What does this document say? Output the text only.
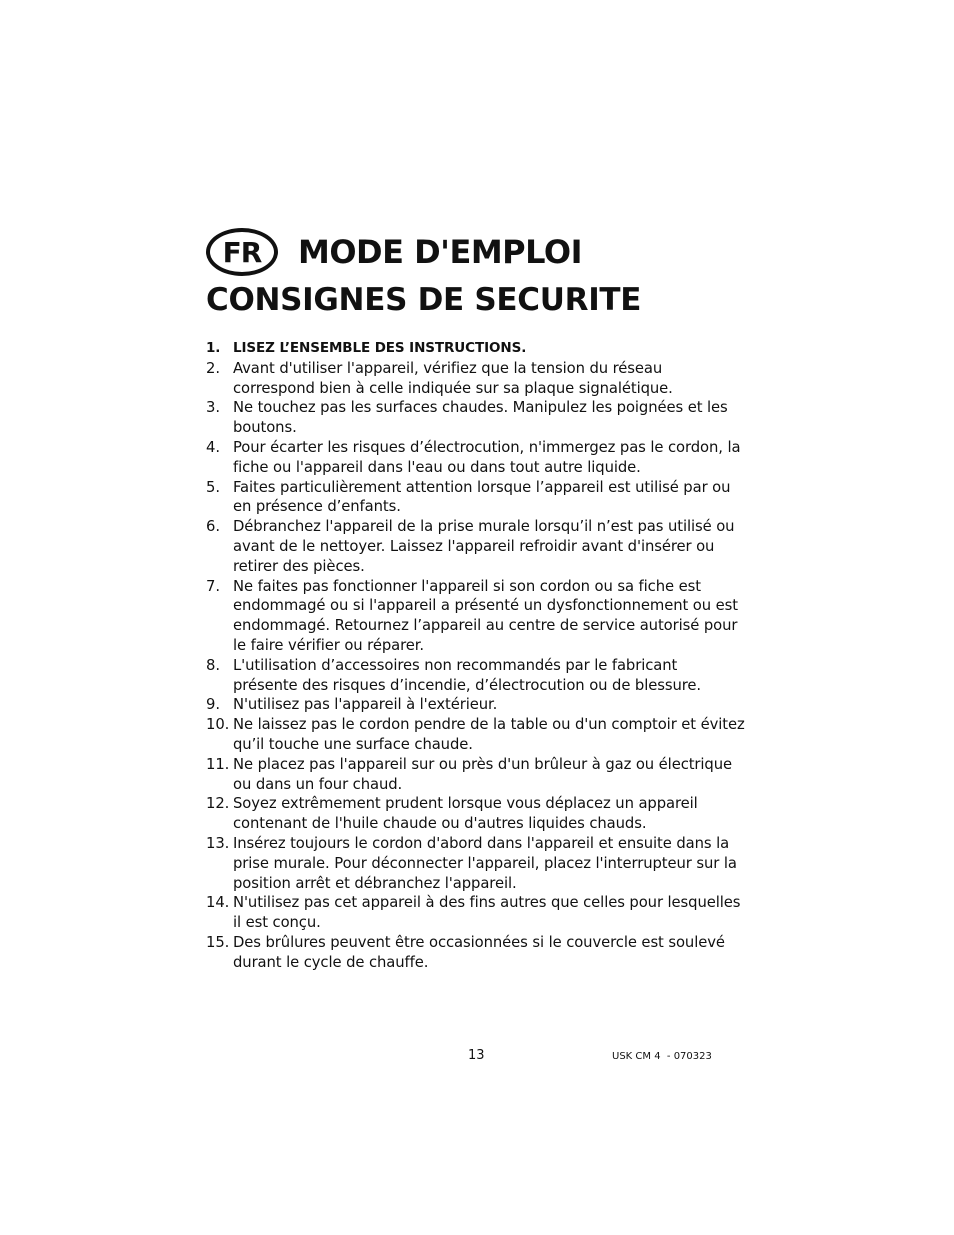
FR	MODE D'EMPLOI
CONSIGNES DE SECURITE
1. LISEZ L’ENSEMBLE DES INSTRUCTIONS.
2. Avant d'utiliser l'appareil, vérifiez que la tension du réseau correspond bien à celle indiquée sur sa plaque signalétique.
3. Ne touchez pas les surfaces chaudes. Manipulez les poignées et les boutons.
4. Pour écarter les risques d’électrocution, n'immergez pas le cordon, la fiche ou l'appareil dans l'eau ou dans tout autre liquide.
5. Faites particulièrement attention lorsque l’appareil est utilisé par ou en présence d’enfants.
6. Débranchez l'appareil de la prise murale lorsqu’il n’est pas utilisé ou avant de le nettoyer. Laissez l'appareil refroidir avant d'insérer ou retirer des pièces.
7. Ne faites pas fonctionner l'appareil si son cordon ou sa fiche est endommagé ou si l'appareil a présenté un dysfonctionnement ou est endommagé. Retournez l’appareil au centre de service autorisé pour le faire vérifier ou réparer.
8. L'utilisation d’accessoires non recommandés par le fabricant présente des risques d’incendie, d’électrocution ou de blessure.
9. N'utilisez pas l'appareil à l'extérieur.
10. Ne laissez pas le cordon pendre de la table ou d'un comptoir et évitez qu’il touche une surface chaude.
11. Ne placez pas l'appareil sur ou près d'un brûleur à gaz ou électrique ou dans un four chaud.
12. Soyez extrêmement prudent lorsque vous déplacez un appareil contenant de l'huile chaude ou d'autres liquides chauds.
13. Insérez toujours le cordon d'abord dans l'appareil et ensuite dans la prise murale. Pour déconnecter l'appareil, placez l'interrupteur sur la position arrêt et débranchez l'appareil.
14. N'utilisez pas cet appareil à des fins autres que celles pour lesquelles il est conçu.
15. Des brûlures peuvent être occasionnées si le couvercle est soulevé durant le cycle de chauffe.
13	USK CM 4  - 070323
